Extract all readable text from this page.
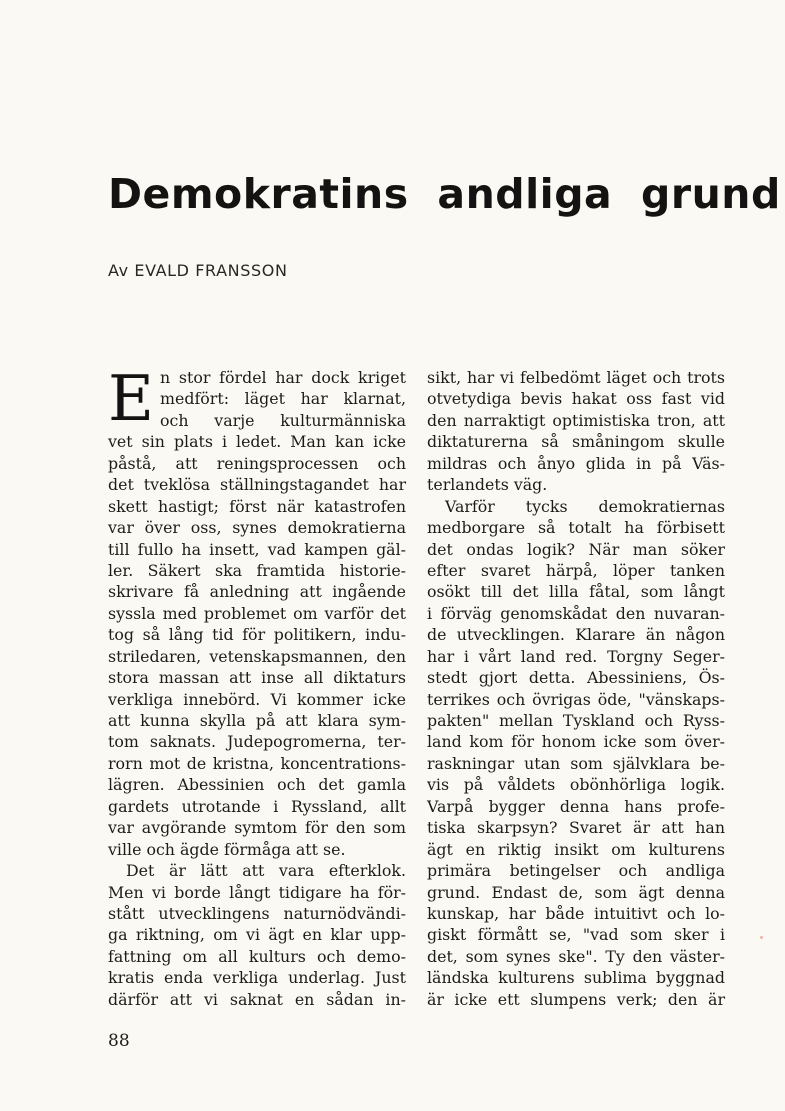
Demokratins andliga grund
Av EVALD FRANSSON
E n stor fördel har dock kriget
medfört: läget har klarnat,
och varje kulturmänniska
vet sin plats i ledet. Man kan icke
påstå, att reningsprocessen och
det tveklösa ställningstagandet har
skett hastigt; först när katastrofen
var över oss, synes demokratierna
till fullo ha insett, vad kampen gäl-
ler. Säkert ska framtida historie-
skrivare få anledning att ingående
syssla med problemet om varför det
tog så lång tid för politikern, indu-
striledaren, vetenskapsmannen, den
stora massan att inse all diktaturs
verkliga innebörd. Vi kommer icke
att kunna skylla på att klara sym-
tom saknats. Judepogromerna, ter-
rorn mot de kristna, koncentrations-
lägren. Abessinien och det gamla
gardets utrotande i Ryssland, allt
var avgörande symtom för den som
ville och ägde förmåga att se.
Det är lätt att vara efterklok.
Men vi borde långt tidigare ha för-
stått utvecklingens naturnödvändi-
ga riktning, om vi ägt en klar upp-
fattning om all kulturs och demo-
kratis enda verkliga underlag. Just
därför att vi saknat en sådan in-
sikt, har vi felbedömt läget och trots
otvetydiga bevis hakat oss fast vid
den narraktigt optimistiska tron, att
diktaturerna så småningom skulle
mildras och ånyo glida in på Väs-
terlandets väg.
Varför tycks demokratiernas
medborgare så totalt ha förbisett
det ondas logik? När man söker
efter svaret härpå, löper tanken
osökt till det lilla fåtal, som långt
i förväg genomskådat den nuvaran-
de utvecklingen. Klarare än någon
har i vårt land red. Torgny Seger-
stedt gjort detta. Abessiniens, Ös-
terrikes och övrigas öde, "vänskaps-
pakten" mellan Tyskland och Ryss-
land kom för honom icke som över-
raskningar utan som självklara be-
vis på våldets obönhörliga logik.
Varpå bygger denna hans profe-
tiska skarpsyn? Svaret är att han
ägt en riktig insikt om kulturens
primära betingelser och andliga
grund. Endast de, som ägt denna
kunskap, har både intuitivt och lo-
giskt förmått se, "vad som sker i
det, som synes ske". Ty den väster-
ländska kulturens sublima byggnad
är icke ett slumpens verk; den är
88
